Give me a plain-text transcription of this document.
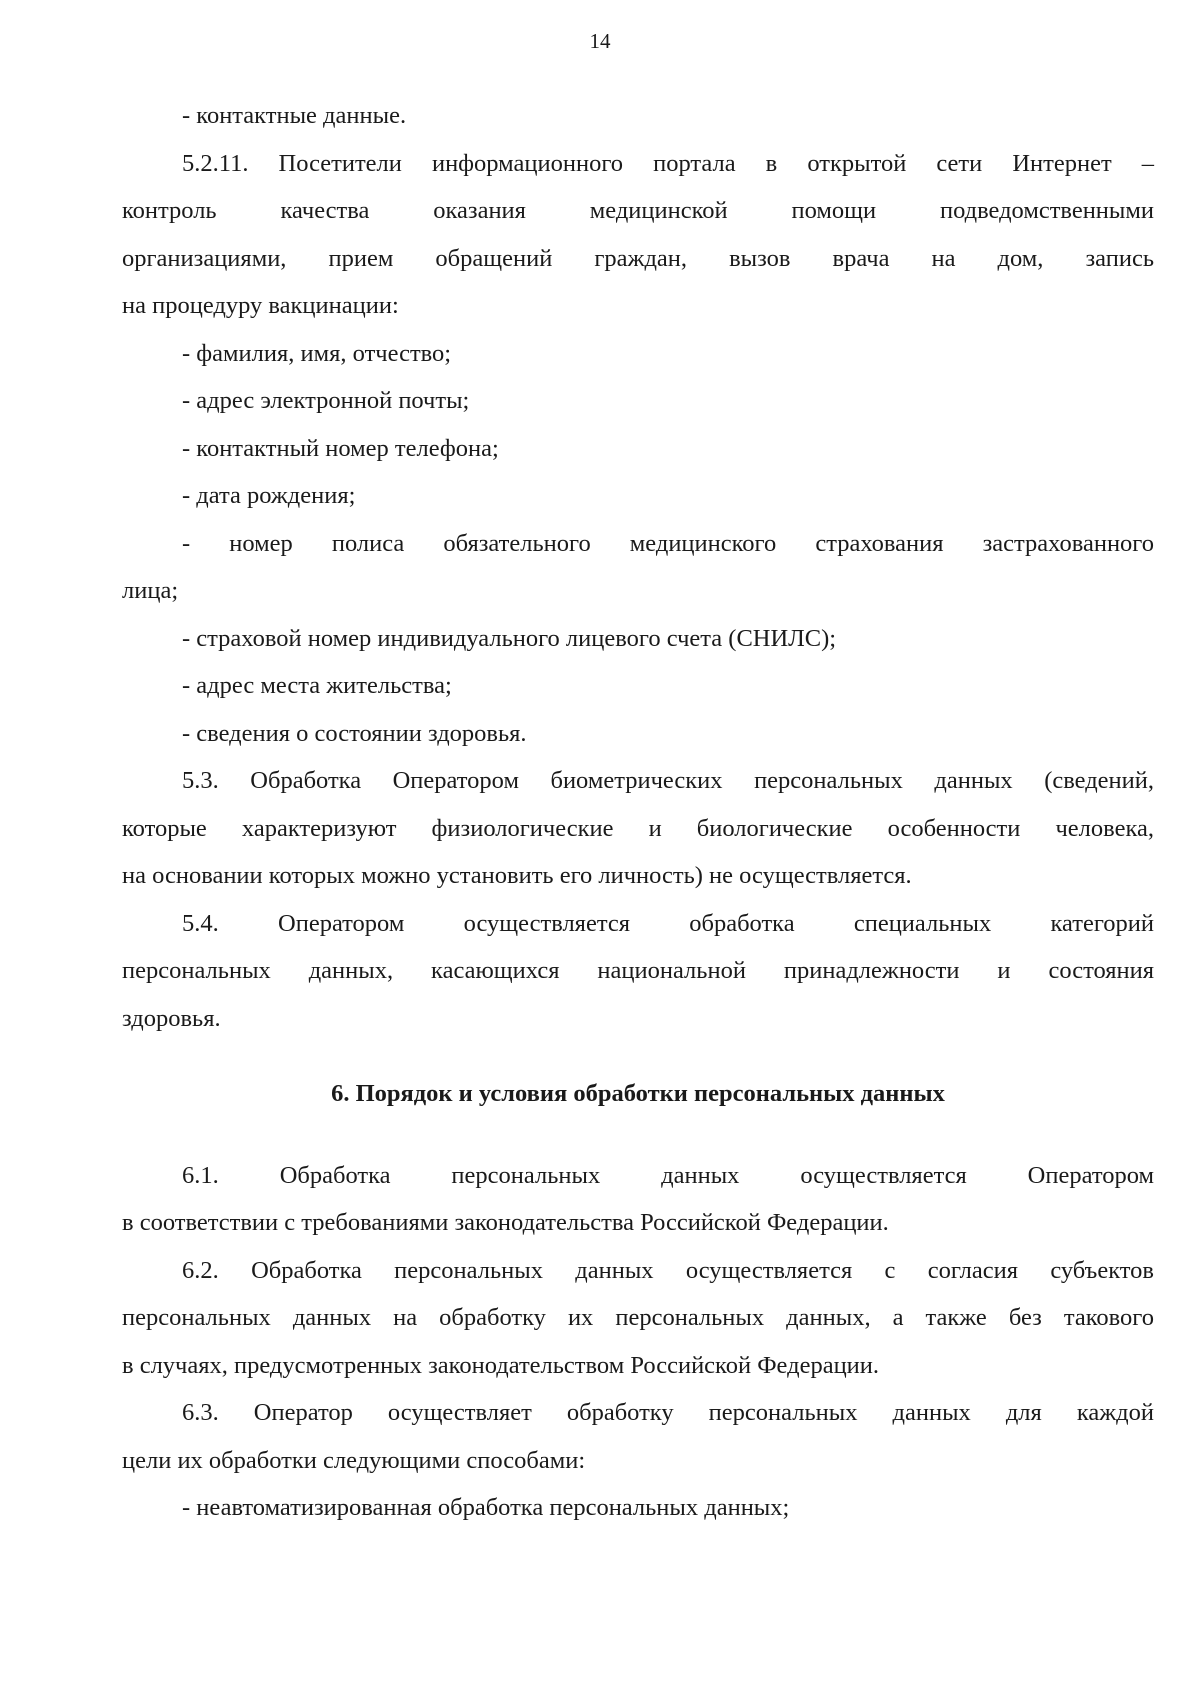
14
- контактные данные.
5.2.11. Посетители информационного портала в открытой сети Интернет –
контроль качества оказания медицинской помощи подведомственными
организациями, прием обращений граждан, вызов врача на дом, запись
на процедуру вакцинации:
- фамилия, имя, отчество;
- адрес электронной почты;
- контактный номер телефона;
- дата рождения;
- номер полиса обязательного медицинского страхования застрахованного
лица;
- страховой номер индивидуального лицевого счета (СНИЛС);
- адрес места жительства;
- сведения о состоянии здоровья.
5.3. Обработка Оператором биометрических персональных данных (сведений,
которые характеризуют физиологические и биологические особенности человека,
на основании которых можно установить его личность) не осуществляется.
5.4. Оператором осуществляется обработка специальных категорий
персональных данных, касающихся национальной принадлежности и состояния
здоровья.
6. Порядок и условия обработки персональных данных
6.1. Обработка персональных данных осуществляется Оператором
в соответствии с требованиями законодательства Российской Федерации.
6.2. Обработка персональных данных осуществляется с согласия субъектов
персональных данных на обработку их персональных данных, а также без такового
в случаях, предусмотренных законодательством Российской Федерации.
6.3. Оператор осуществляет обработку персональных данных для каждой
цели их обработки следующими способами:
- неавтоматизированная обработка персональных данных;
